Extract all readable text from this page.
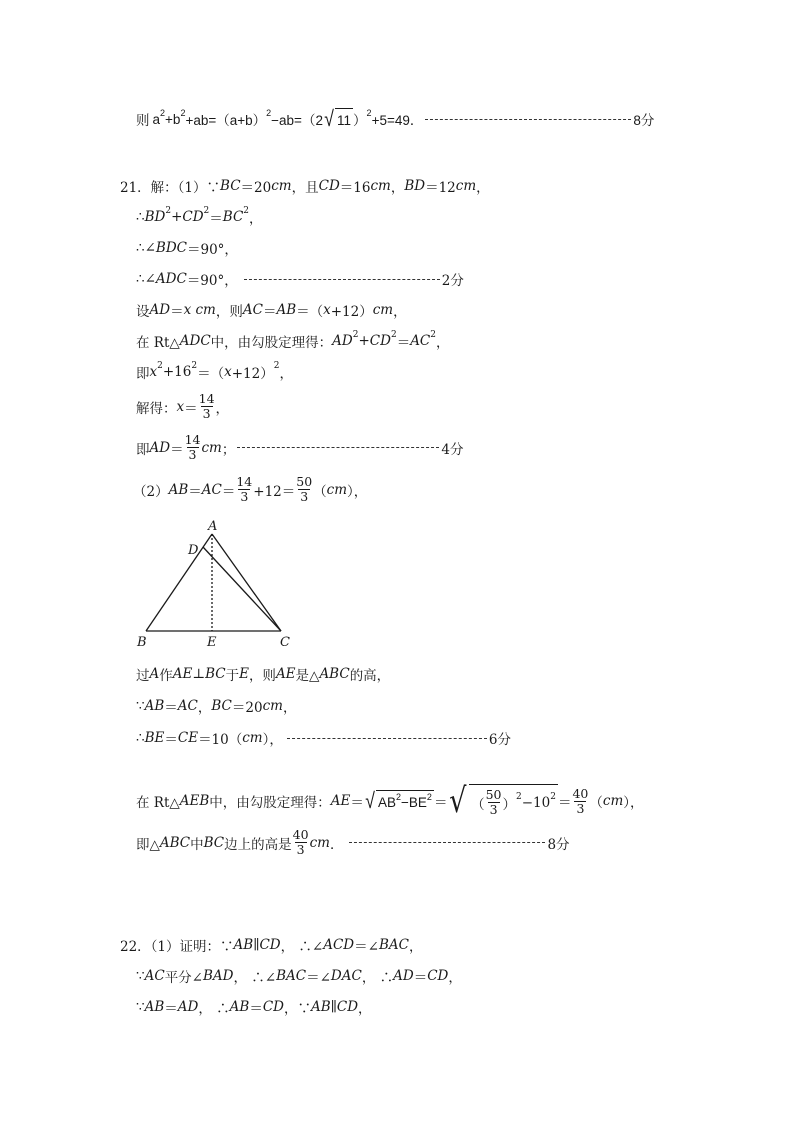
则 a 2 +b 2 +ab=（a+b） 2 −ab=（2 √ 11 ） 2 +5=49．	8分
21．解：（1）∵ BC ＝20 cm ，且 CD ＝16 cm ， BD ＝12 cm ，
∴ BD 2 + CD 2 ＝ BC 2 ，
∴∠ BDC ＝90°，
∴∠ ADC ＝90°，	2分
设 AD ＝ x cm ，则 AC ＝ AB ＝（ x +12） cm ，
在 Rt△ ADC 中，由勾股定理得： AD 2 + CD 2 ＝ AC 2 ，
即 x 2 +16 2 ＝（ x +12） 2 ，
解得： $x = \frac{14}{3}$ ，
即 AD ＝ $\frac{14}{3}$ cm ；	4分
（2） AB ＝ AC ＝ $\frac{14}{3} +12= \frac{50}{3}$ （ cm ），
A
D
B	E	C
过 A 作 AE ⊥ BC 于 E ，则 AE 是△ ABC 的高，
∵ AB ＝ AC ， BC ＝20 cm ，
∴ BE ＝ CE ＝10（ cm ），	6分
在 Rt△ AEB 中，由勾股定理得： AE ＝ √ AB 2 −BE 2 ＝ √ （ $\frac{50}{3}$ ） 2 −10 $2 = \frac{40}{3}$ （ cm ），
即△ ABC 中 BC 边上的高是 $\frac{40}{3}$ cm ．	8分
22．（1）证明：∵ AB ∥ CD ， ∴∠ ACD ＝∠ BAC ，
∵ AC 平分∠ BAD ， ∴∠ BAC ＝∠ DAC ， ∴ AD ＝ CD ，
∵ AB ＝ AD ， ∴ AB ＝ CD ，∵ AB ∥ CD ，
